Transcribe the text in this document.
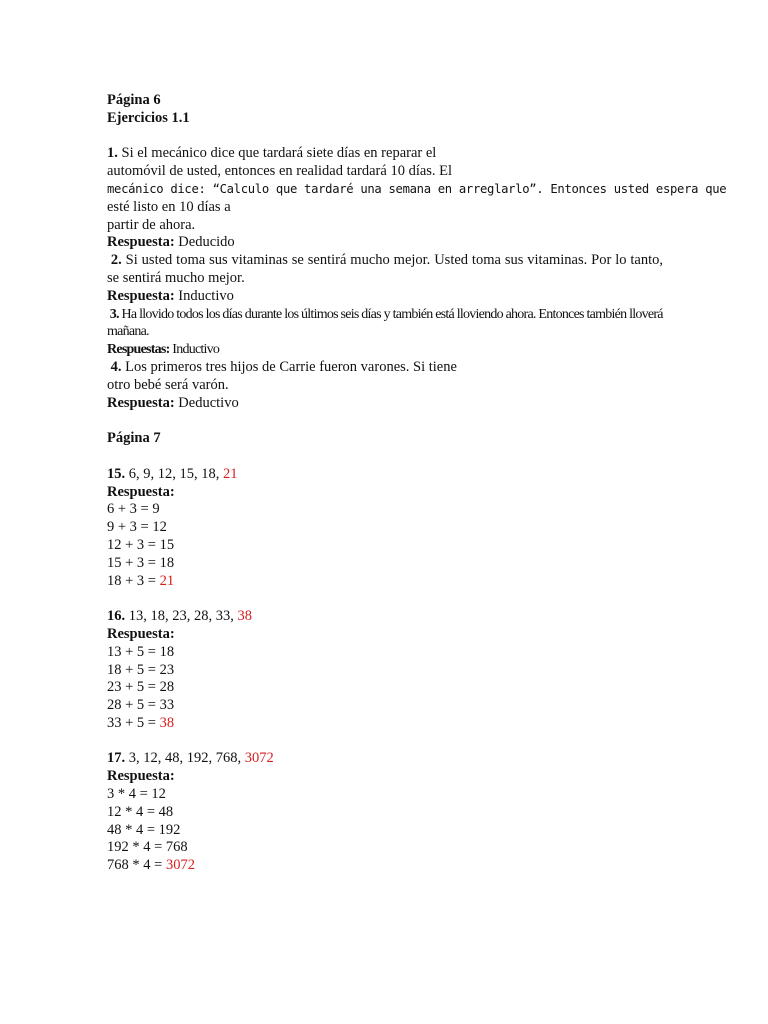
Página 6
Ejercicios 1.1
1. Si el mecánico dice que tardará siete días en reparar el
automóvil de usted, entonces en realidad tardará 10 días. El
mecánico dice: “Calculo que tardaré una semana en arreglarlo”. Entonces usted espera que
esté listo en 10 días a
partir de ahora.
Respuesta: Deducido
2. Si usted toma sus vitaminas se sentirá mucho mejor. Usted toma sus vitaminas. Por lo tanto, se sentirá mucho mejor.
Respuesta: Inductivo
3. Ha llovido todos los días durante los últimos seis días y también está lloviendo ahora. Entonces también lloverá mañana.
Respuestas: Inductivo
4. Los primeros tres hijos de Carrie fueron varones. Si tiene
otro bebé será varón.
Respuesta: Deductivo
Página 7
15. 6, 9, 12, 15, 18, 21
Respuesta:
6 + 3 = 9
9 + 3 = 12
12 + 3 = 15
15 + 3 = 18
18 + 3 = 21
16. 13, 18, 23, 28, 33, 38
Respuesta:
13 + 5 = 18
18 + 5 = 23
23 + 5 = 28
28 + 5 = 33
33 + 5 = 38
17. 3, 12, 48, 192, 768, 3072
Respuesta:
3 * 4 = 12
12 * 4 = 48
48 * 4 = 192
192 * 4 = 768
768 * 4 = 3072
